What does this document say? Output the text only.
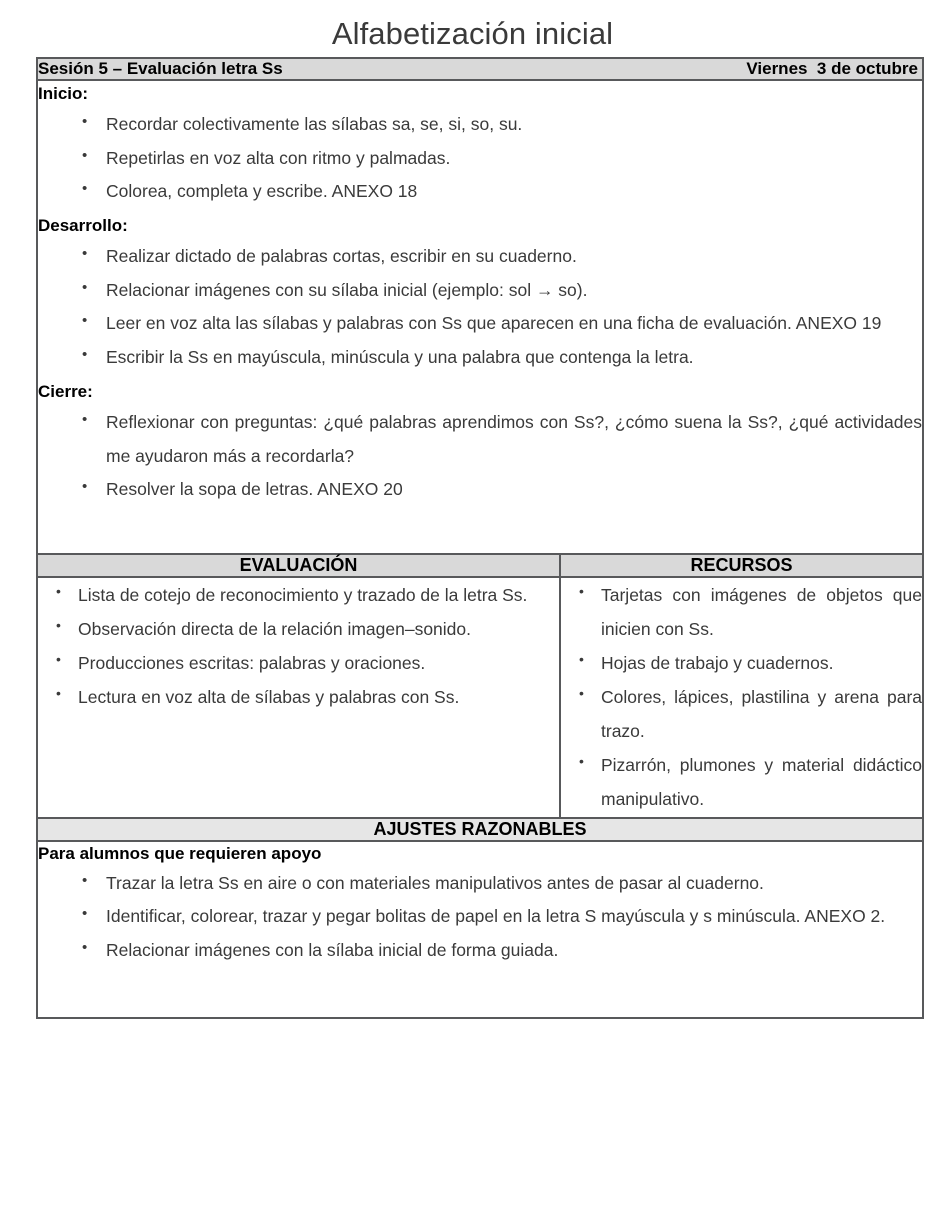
Alfabetización inicial
Sesión 5 – Evaluación letra Ss Viernes  3 de octubre	

Inicio:
• Recordar colectivamente las sílabas sa, se, si, so, su.
• Repetirlas en voz alta con ritmo y palmadas.
• Colorea, completa y escribe. ANEXO 18
Desarrollo:
• Realizar dictado de palabras cortas, escribir en su cuaderno.
• Relacionar imágenes con su sílaba inicial (ejemplo: sol → so).
• Leer en voz alta las sílabas y palabras con Ss que aparecen en una ficha de evaluación. ANEXO 19
• Escribir la Ss en mayúscula, minúscula y una palabra que contenga la letra.
Cierre:
• Reflexionar con preguntas: ¿qué palabras aprendimos con Ss?, ¿cómo suena la Ss?, ¿qué actividades me ayudaron más a recordarla?
• Resolver la sopa de letras. ANEXO 20

EVALUACIÓN	RECURSOS

• Lista de cotejo de reconocimiento y trazado de la letra Ss.
• Observación directa de la relación imagen–sonido.
• Producciones escritas: palabras y oraciones.
• Lectura en voz alta de sílabas y palabras con Ss.

• Tarjetas con imágenes de objetos que inicien con Ss.
• Hojas de trabajo y cuadernos.
• Colores, lápices, plastilina y arena para trazo.
• Pizarrón, plumones y material didáctico manipulativo.

AJUSTES RAZONABLES	

Para alumnos que requieren apoyo
• Trazar la letra Ss en aire o con materiales manipulativos antes de pasar al cuaderno.
• Identificar, colorear, trazar y pegar bolitas de papel en la letra S mayúscula y s minúscula. ANEXO 2.
• Relacionar imágenes con la sílaba inicial de forma guiada.
